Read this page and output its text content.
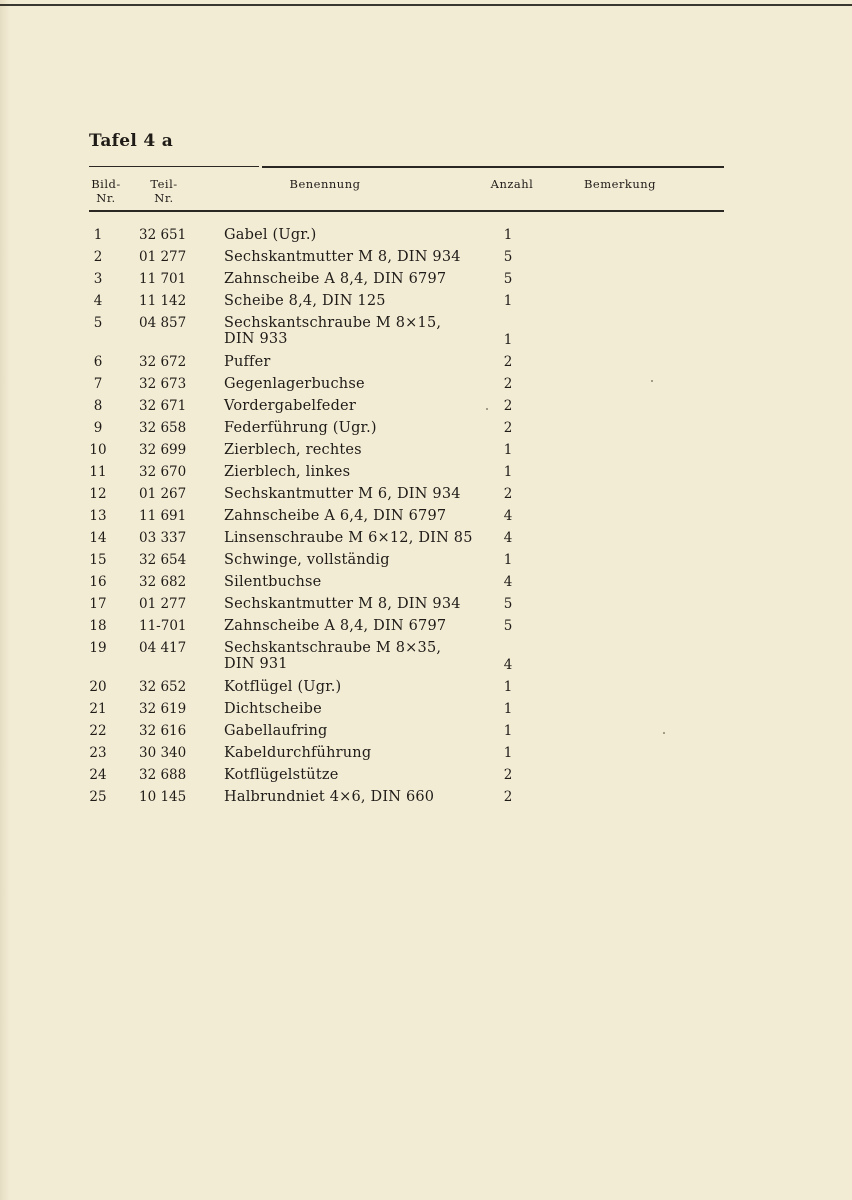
Tafel 4 a
Bild-
Nr.
Teil-
Nr.
Benennung	Anzahl	Bemerkung
1	32 651	Gabel (Ugr.)	1
2	01 277	Sechskantmutter M 8, DIN 934	5
3	11 701	Zahnscheibe A 8,4, DIN 6797	5
4	11 142	Scheibe 8,4, DIN 125	1
5	04 857	Sechskantschraube M 8×15,
DIN 933	1
6	32 672	Puffer	2
7	32 673	Gegenlagerbuchse	2
8	32 671	Vordergabelfeder	2
9	32 658	Federführung (Ugr.)	2
10	32 699	Zierblech, rechtes	1
11	32 670	Zierblech, linkes	1
12	01 267	Sechskantmutter M 6, DIN 934	2
13	11 691	Zahnscheibe A 6,4, DIN 6797	4
14	03 337	Linsenschraube M 6×12, DIN 85	4
15	32 654	Schwinge, vollständig	1
16	32 682	Silentbuchse	4
17	01 277	Sechskantmutter M 8, DIN 934	5
18	11-701	Zahnscheibe A 8,4, DIN 6797	5
19	04 417	Sechskantschraube M 8×35,
DIN 931	4
20	32 652	Kotflügel (Ugr.)	1
21	32 619	Dichtscheibe	1
22	32 616	Gabellaufring	1
23	30 340	Kabeldurchführung	1
24	32 688	Kotflügelstütze	2
25	10 145	Halbrundniet 4×6, DIN 660	2
